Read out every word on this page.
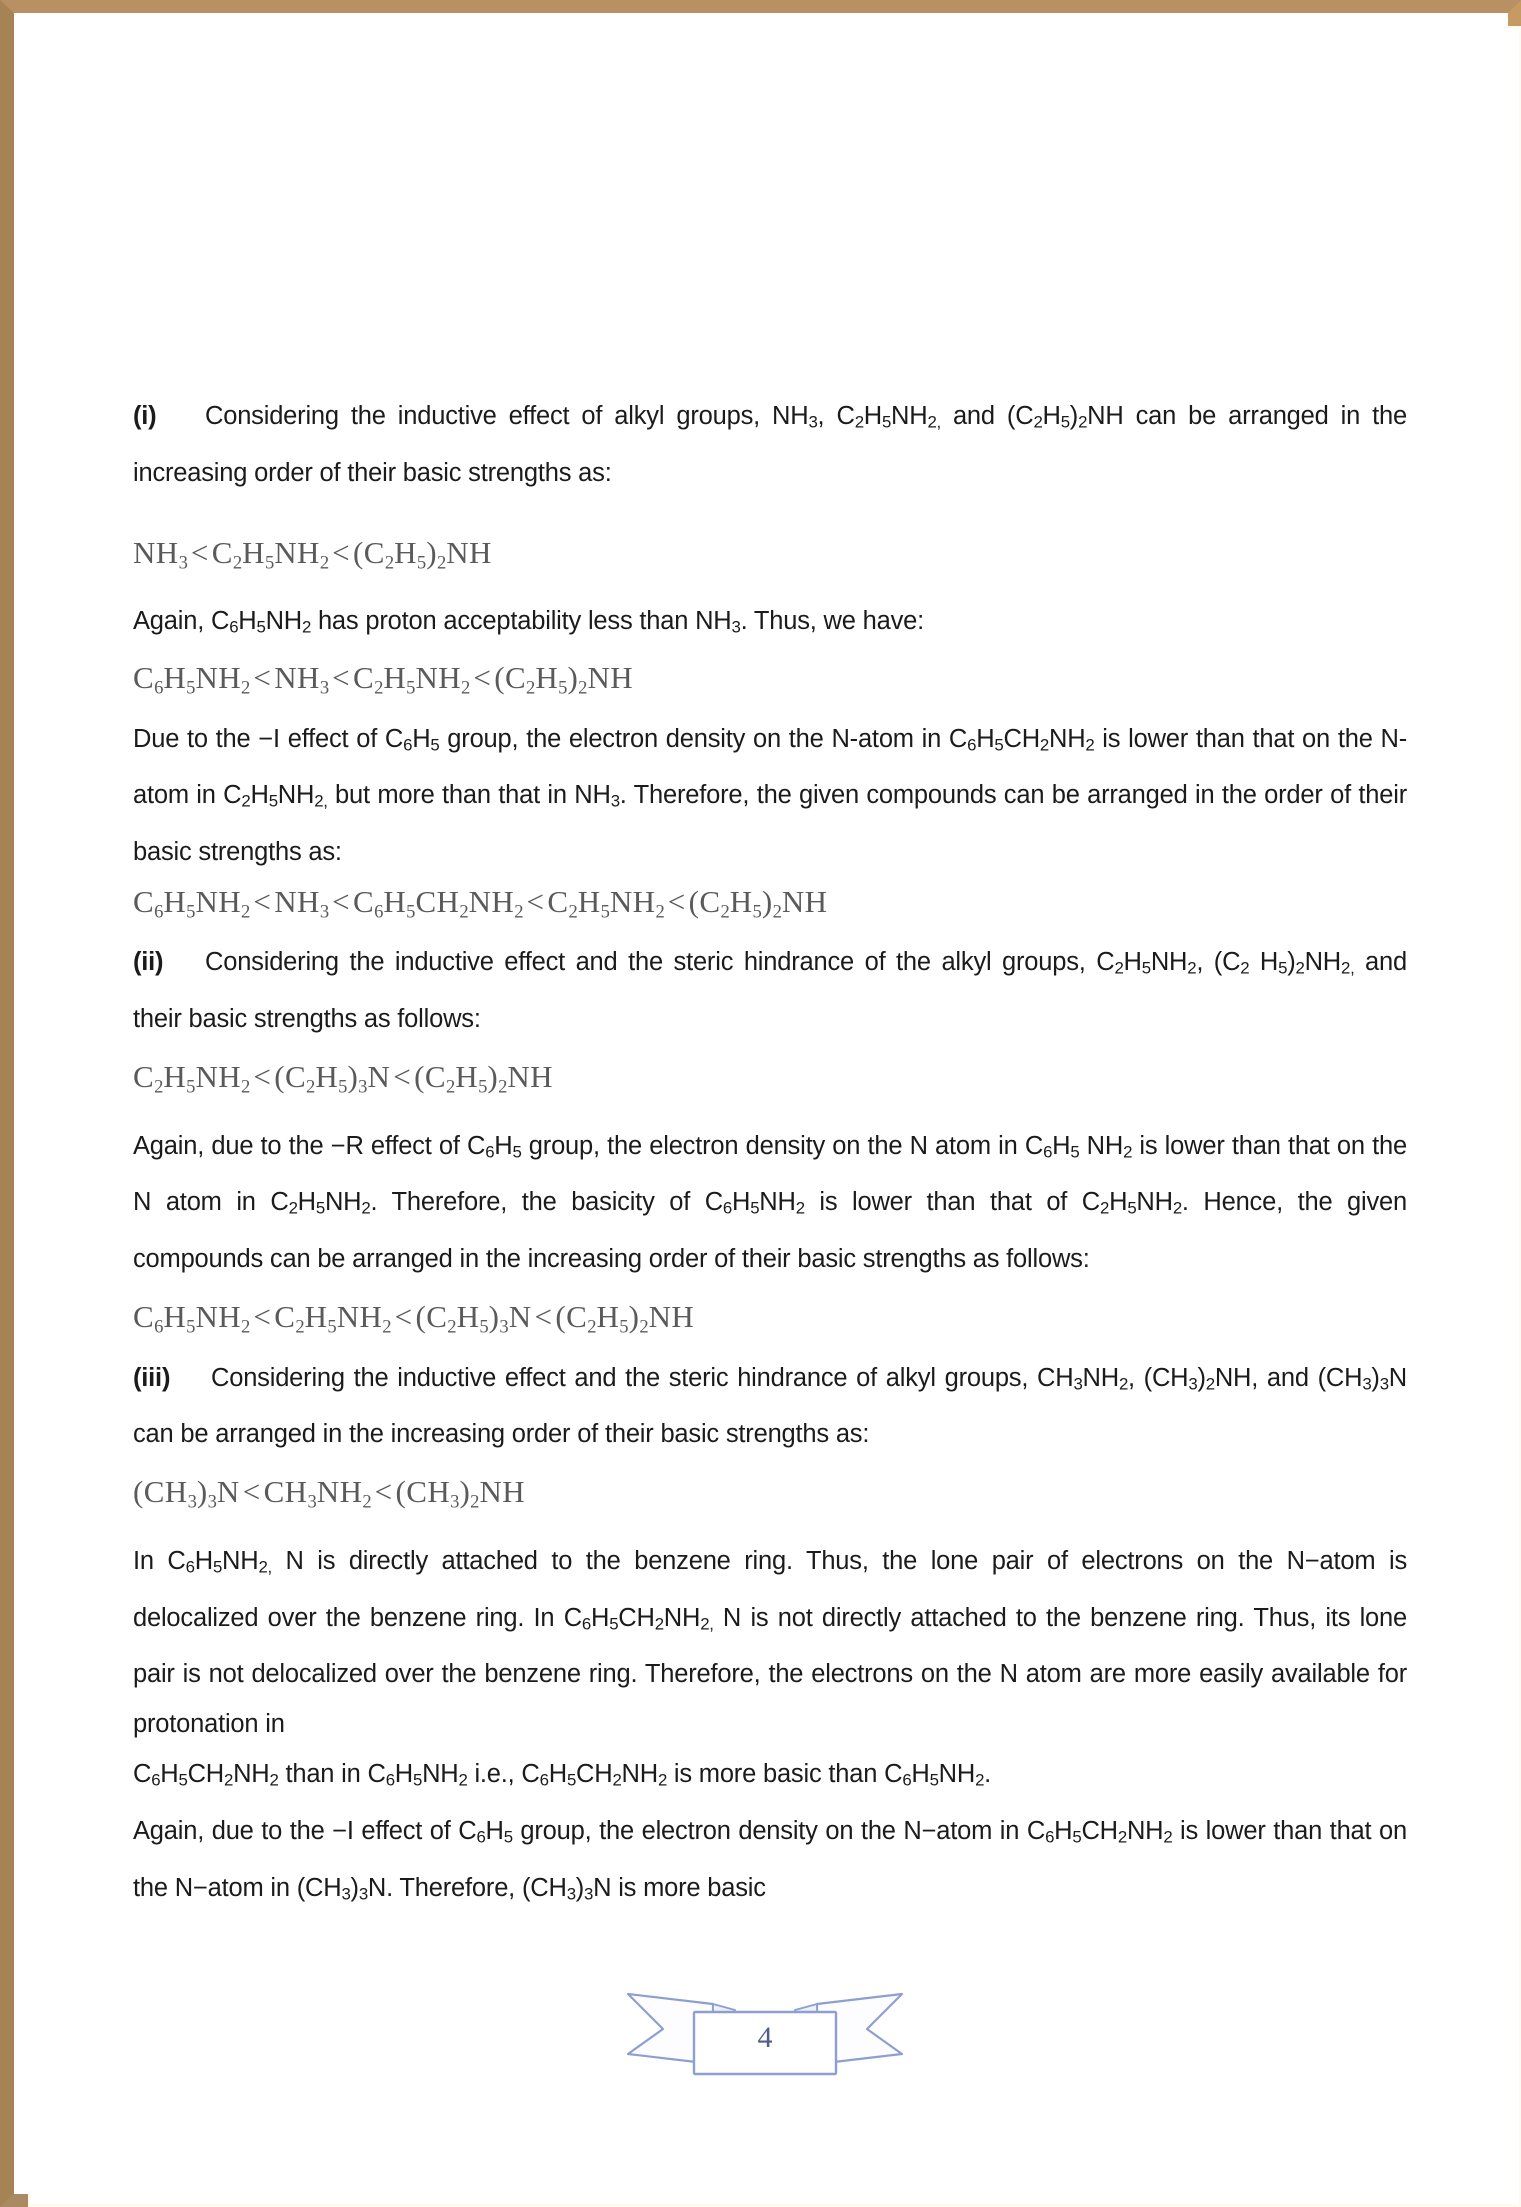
(i) Considering the inductive effect of alkyl groups, $NH_3$, $C_2H_5NH_{2,}$ and $(C_2H_5)_2NH$ can be arranged in the increasing order of their basic strengths as:

$NH_3<C_2H_5NH_2<(C_2H_5)_2NH$

Again, $C_6H_5NH_2$ has proton acceptability less than $NH_3$. Thus, we have:

$C_6H_5NH_2<NH_3<C_2H_5NH_2<(C_2H_5)_2NH$

Due to the −I effect of $C_6H_5$ group, the electron density on the N-atom in $C_6H_5CH_2NH_2$ is lower than that on the N-atom in $C_2H_5NH_{2,}$ but more than that in $NH_3$. Therefore, the given compounds can be arranged in the order of their basic strengths as:

$C_6H_5NH_2<NH_3<C_6H_5CH_2NH_2<C_2H_5NH_2<(C_2H_5)_2NH$

(ii) Considering the inductive effect and the steric hindrance of the alkyl groups, $C_2H_5NH_2$, ($C_2$ $H_5)_2NH_{2,}$ and their basic strengths as follows:

$C_2H_5NH_2<(C_2H_5)_3N<(C_2H_5)_2NH$

Again, due to the −R effect of $C_6H_5$ group, the electron density on the N atom in $C_6H_5$ $NH_2$ is lower than that on the N atom in $C_2H_5NH_2$. Therefore, the basicity of $C_6H_5NH_2$ is lower than that of $C_2H_5NH_2$. Hence, the given compounds can be arranged in the increasing order of their basic strengths as follows:

$C_6H_5NH_2<C_2H_5NH_2<(C_2H_5)_3N<(C_2H_5)_2NH$

(iii) Considering the inductive effect and the steric hindrance of alkyl groups, $CH_3NH_2$, $(CH_3)_2NH$, and $(CH_3)_3N$ can be arranged in the increasing order of their basic strengths as:

$(CH_3)_3N<CH_3NH_2<(CH_3)_2NH$

In $C_6H_5NH_{2,}$ N is directly attached to the benzene ring. Thus, the lone pair of electrons on the N−atom is delocalized over the benzene ring. In $C_6H_5CH_2NH_{2,}$ N is not directly attached to the benzene ring. Thus, its lone pair is not delocalized over the benzene ring. Therefore, the electrons on the N atom are more easily available for protonation in

$C_6H_5CH_2NH_2$ than in $C_6H_5NH_2$ i.e., $C_6H_5CH_2NH_2$ is more basic than $C_6H_5NH_2$.

Again, due to the −I effect of $C_6H_5$ group, the electron density on the N−atom in $C_6H_5CH_2NH_2$ is lower than that on the N−atom in $(CH_3)_3N$. Therefore, $(CH_3)_3N$ is more basic

4
